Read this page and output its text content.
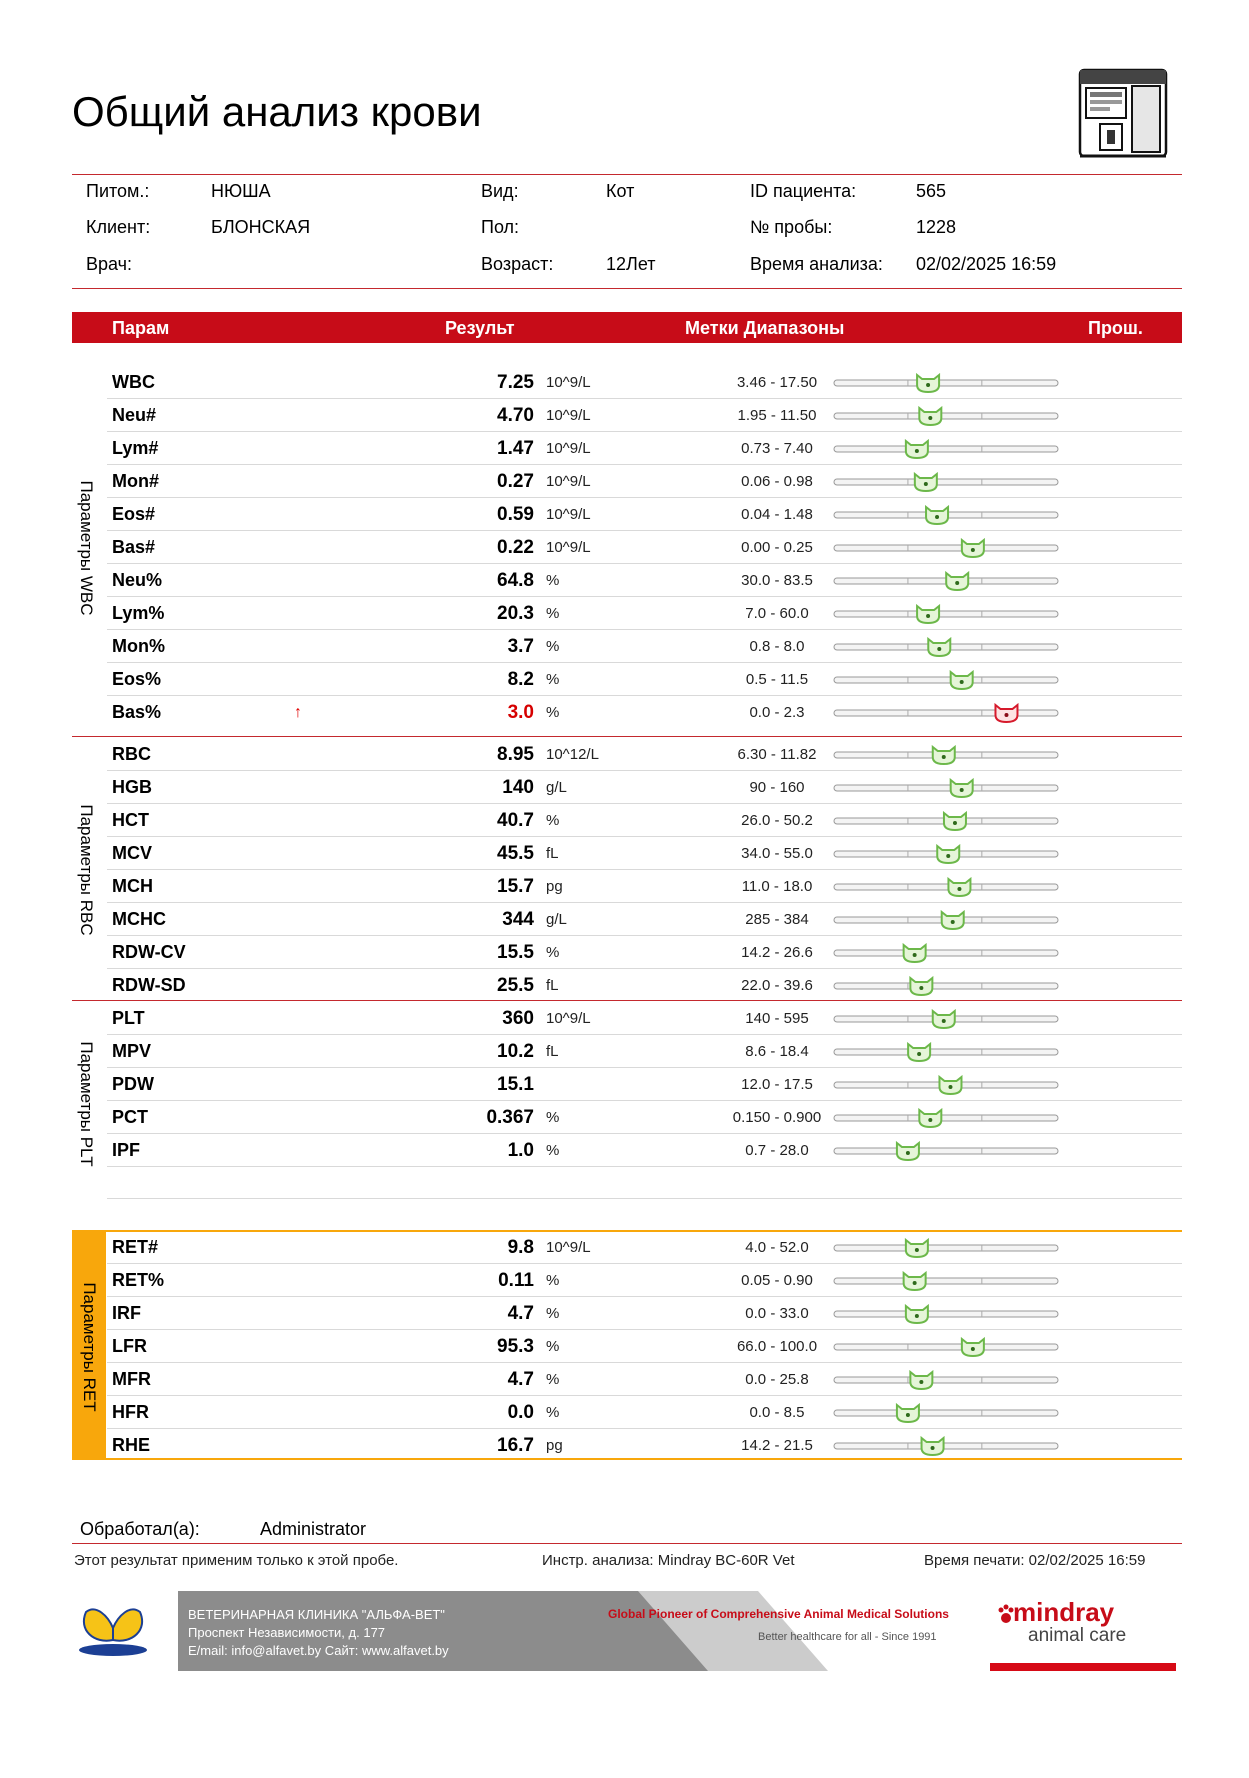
Общий анализ крови
Питом.:	НЮША
Клиент:	БЛОНСКАЯ
Врач:
Вид:	Кот
Пол:
Возраст:	12Лет
ID пациента:	565
№ пробы:	1228
Время анализа: 02/02/2025 16:59
Парам	Результ	Метки Диапазоны	Прош.
Параметры WBC
WBC	7.25 10^9/L	3.46 - 17.50
Neu#	4.70 10^9/L	1.95 - 11.50
Lym#	1.47 10^9/L	0.73 - 7.40
Mon#	0.27 10^9/L	0.06 - 0.98
Eos#	0.59 10^9/L	0.04 - 1.48
Bas#	0.22 10^9/L	0.00 - 0.25
Neu%	64.8 %	30.0 - 83.5
Lym%	20.3 %	7.0 - 60.0
Mon%	3.7 %	0.8 - 8.0
Eos%	8.2 %	0.5 - 11.5
Bas%	↑	3.0 %	0.0 - 2.3
Параметры RBC
RBC	8.95 10^12/L	6.30 - 11.82
HGB	140 g/L	90 - 160
HCT	40.7 %	26.0 - 50.2
MCV	45.5 fL	34.0 - 55.0
MCH	15.7 pg	11.0 - 18.0
MCHC	344 g/L	285 - 384
RDW-CV	15.5 %	14.2 - 26.6
RDW-SD	25.5 fL	22.0 - 39.6
Параметры PLT
PLT	360 10^9/L	140 - 595
MPV	10.2 fL	8.6 - 18.4
PDW	15.1	12.0 - 17.5
PCT	0.367 %	0.150 - 0.900
IPF	1.0 %	0.7 - 28.0
Параметры RET
RET#	9.8 10^9/L	4.0 - 52.0
RET%	0.11 %	0.05 - 0.90
IRF	4.7 %	0.0 - 33.0
LFR	95.3 %	66.0 - 100.0
MFR	4.7 %	0.0 - 25.8
HFR	0.0 %	0.0 - 8.5
RHE	16.7 pg	14.2 - 21.5
Обработал(а):	Administrator
Этот результат применим только к этой пробе.	Инстр. анализа: Mindray BC-60R Vet	Время печати: 02/02/2025 16:59
ВЕТЕРИНАРНАЯ КЛИНИКА "АЛЬФА-ВЕТ"
Проспект Независимости, д. 177
E/mail: info@alfavet.by Сайт: www.alfavet.by
Global Pioneer of Comprehensive Animal Medical Solutions
Better healthcare for all - Since 1991
mindray
animal care
